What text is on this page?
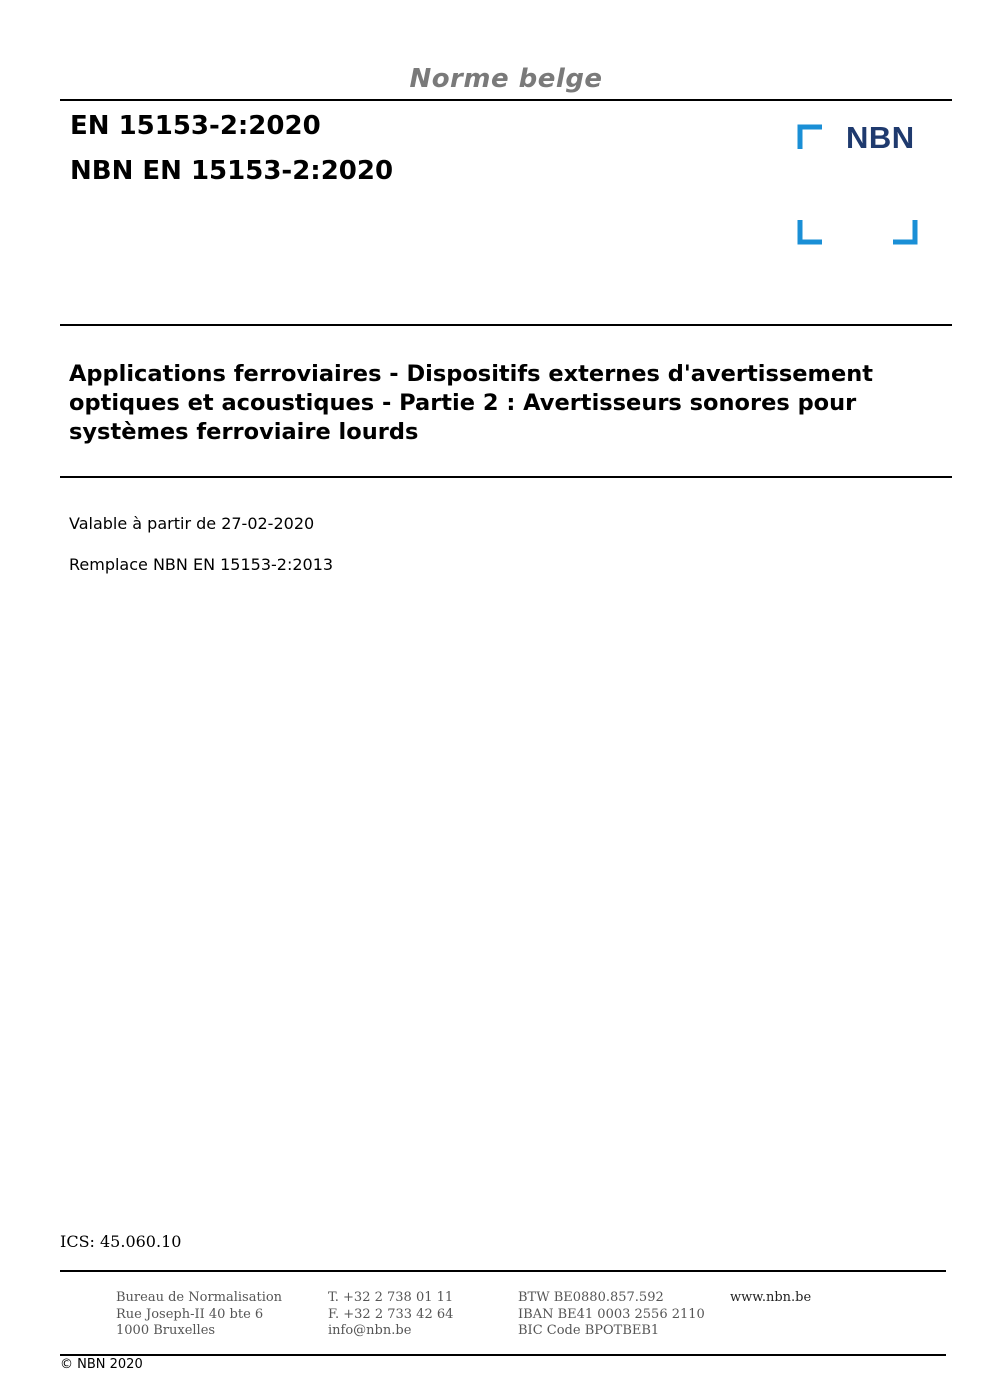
Norme belge
EN 15153-2:2020
NBN EN 15153-2:2020
NBN
Applications ferroviaires - Dispositifs externes d'avertissement optiques et acoustiques - Partie 2 : Avertisseurs sonores pour systèmes ferroviaire lourds
Valable à partir de 27-02-2020
Remplace NBN EN 15153-2:2013
ICS: 45.060.10
Bureau de Normalisation
Rue Joseph-II 40 bte 6
1000 Bruxelles
T. +32 2 738 01 11
F. +32 2 733 42 64
info@nbn.be
BTW BE0880.857.592
IBAN BE41 0003 2556 2110
BIC Code BPOTBEB1
www.nbn.be
© NBN 2020
